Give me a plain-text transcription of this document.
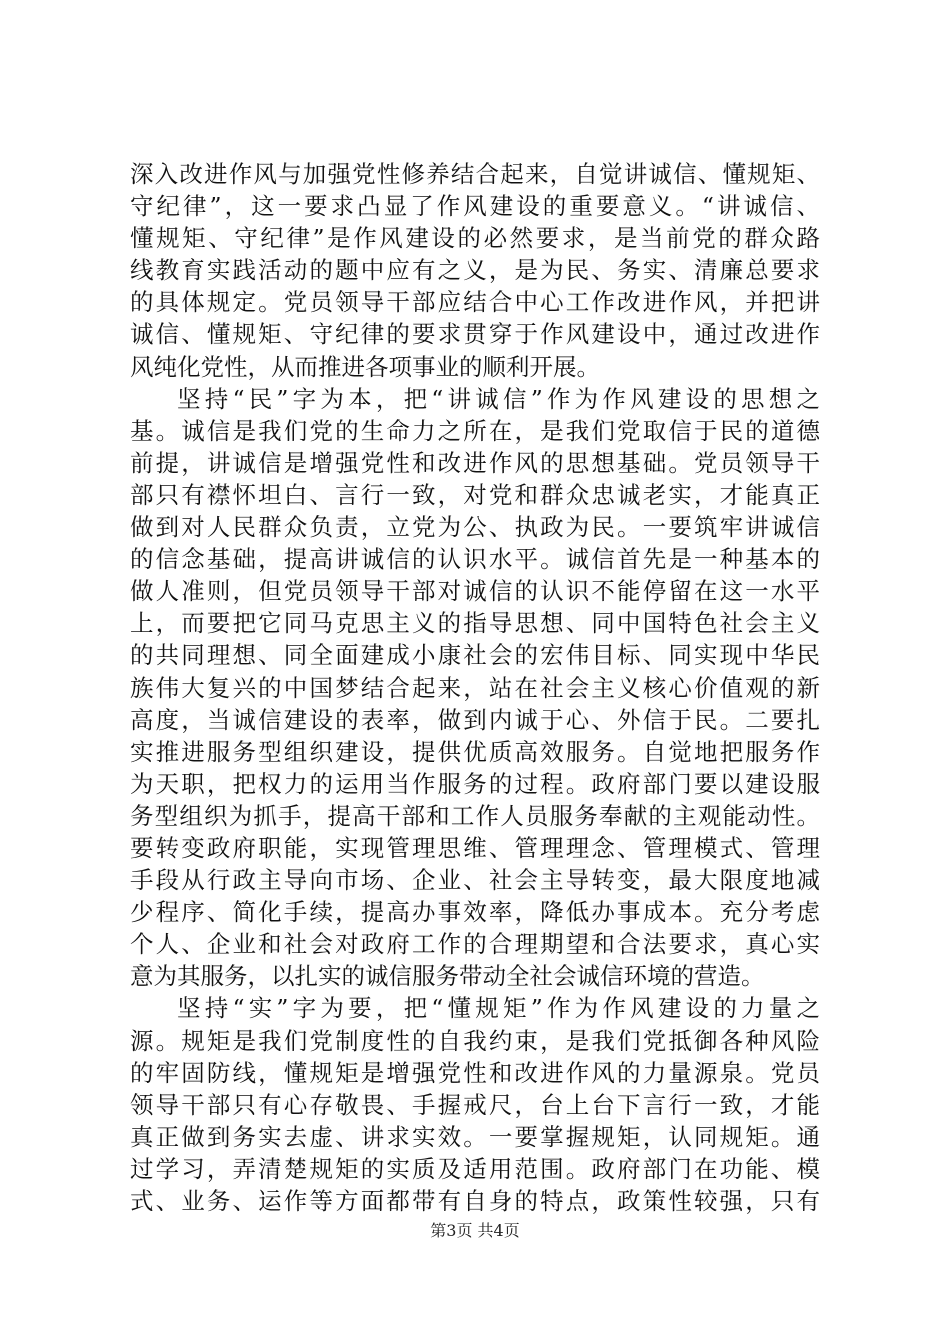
深入改进作风与加强党性修养结合起来，自觉讲诚信、懂规矩、
守纪律”，这一要求凸显了作风建设的重要意义。“讲诚信、
懂规矩、守纪律”是作风建设的必然要求，是当前党的群众路
线教育实践活动的题中应有之义，是为民、务实、清廉总要求
的具体规定。党员领导干部应结合中心工作改进作风，并把讲
诚信、懂规矩、守纪律的要求贯穿于作风建设中，通过改进作
风纯化党性，从而推进各项事业的顺利开展。
坚持“民”字为本，把“讲诚信”作为作风建设的思想之
基。诚信是我们党的生命力之所在，是我们党取信于民的道德
前提，讲诚信是增强党性和改进作风的思想基础。党员领导干
部只有襟怀坦白、言行一致，对党和群众忠诚老实，才能真正
做到对人民群众负责，立党为公、执政为民。一要筑牢讲诚信
的信念基础，提高讲诚信的认识水平。诚信首先是一种基本的
做人准则，但党员领导干部对诚信的认识不能停留在这一水平
上，而要把它同马克思主义的指导思想、同中国特色社会主义
的共同理想、同全面建成小康社会的宏伟目标、同实现中华民
族伟大复兴的中国梦结合起来，站在社会主义核心价值观的新
高度，当诚信建设的表率，做到内诚于心、外信于民。二要扎
实推进服务型组织建设，提供优质高效服务。自觉地把服务作
为天职，把权力的运用当作服务的过程。政府部门要以建设服
务型组织为抓手，提高干部和工作人员服务奉献的主观能动性。
要转变政府职能，实现管理思维、管理理念、管理模式、管理
手段从行政主导向市场、企业、社会主导转变，最大限度地减
少程序、简化手续，提高办事效率，降低办事成本。充分考虑
个人、企业和社会对政府工作的合理期望和合法要求，真心实
意为其服务，以扎实的诚信服务带动全社会诚信环境的营造。
坚持“实”字为要，把“懂规矩”作为作风建设的力量之
源。规矩是我们党制度性的自我约束，是我们党抵御各种风险
的牢固防线，懂规矩是增强党性和改进作风的力量源泉。党员
领导干部只有心存敬畏、手握戒尺，台上台下言行一致，才能
真正做到务实去虚、讲求实效。一要掌握规矩，认同规矩。通
过学习，弄清楚规矩的实质及适用范围。政府部门在功能、模
式、业务、运作等方面都带有自身的特点，政策性较强，只有
第3页 共4页
